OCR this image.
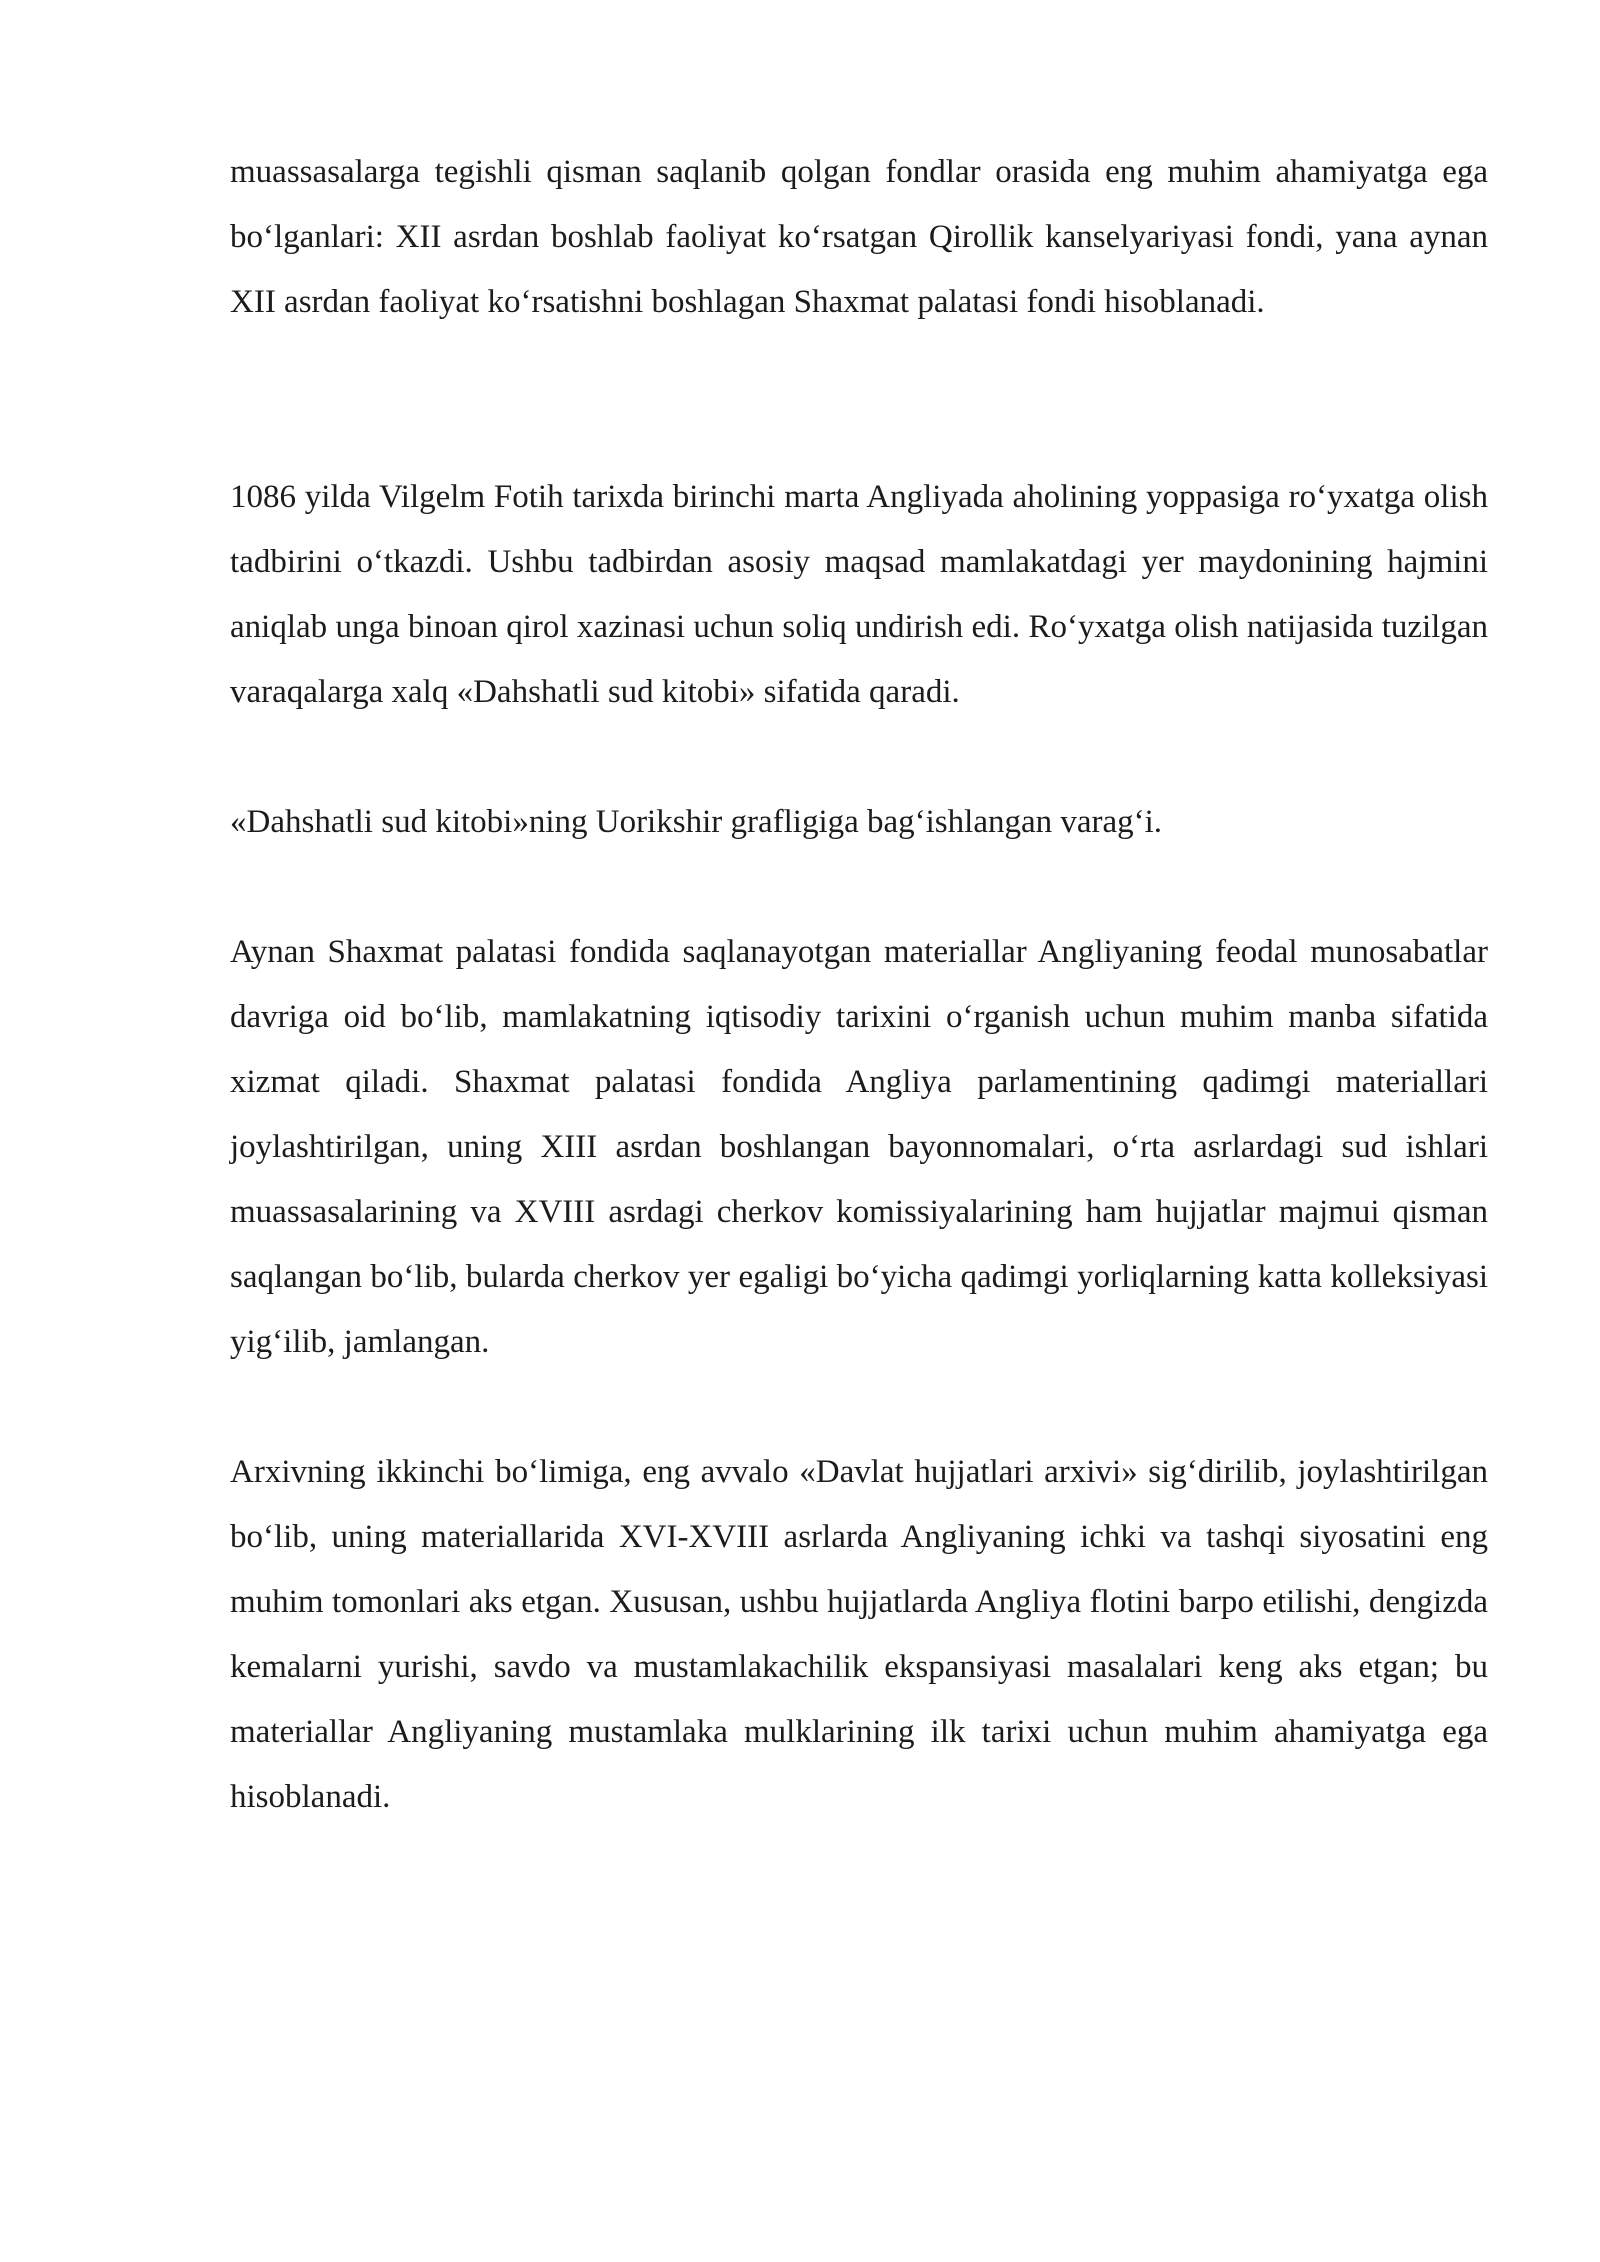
muassasalarga tegishli qisman saqlanib qolgan fondlar orasida eng muhim ahamiyatga ega bo‘lganlari: XII asrdan boshlab faoliyat ko‘rsatgan Qirollik kanselyariyasi fondi, yana aynan XII asrdan faoliyat ko‘rsatishni boshlagan Shaxmat palatasi fondi hisoblanadi.

1086 yilda Vilgelm Fotih tarixda birinchi marta Angliyada aholining yoppasiga ro‘yxatga olish tadbirini o‘tkazdi. Ushbu tadbirdan asosiy maqsad mamlakatdagi yer maydonining hajmini aniqlab unga binoan qirol xazinasi uchun soliq undirish edi. Ro‘yxatga olish natijasida tuzilgan varaqalarga xalq «Dahshatli sud kitobi» sifatida qaradi.

«Dahshatli sud kitobi»ning Uorikshir grafligiga bag‘ishlangan varag‘i.

Aynan Shaxmat palatasi fondida saqlanayotgan materiallar Angliyaning feodal munosabatlar davriga oid bo‘lib, mamlakatning iqtisodiy tarixini o‘rganish uchun muhim manba sifatida xizmat qiladi. Shaxmat palatasi fondida Angliya parlamentining qadimgi materiallari joylashtirilgan, uning XIII asrdan boshlangan bayonnomalari, o‘rta asrlardagi sud ishlari muassasalarining va XVIII asrdagi cherkov komissiyalarining ham hujjatlar majmui qisman saqlangan bo‘lib, bularda cherkov yer egaligi bo‘yicha qadimgi yorliqlarning katta kolleksiyasi yig‘ilib, jamlangan.

Arxivning ikkinchi bo‘limiga, eng avvalo «Davlat hujjatlari arxivi» sig‘dirilib, joylashtirilgan bo‘lib, uning materiallarida XVI-XVIII asrlarda Angliyaning ichki va tashqi siyosatini eng muhim tomonlari aks etgan. Xususan, ushbu hujjatlarda Angliya flotini barpo etilishi, dengizda kemalarni yurishi, savdo va mustamlakachilik ekspansiyasi masalalari keng aks etgan; bu materiallar Angliyaning mustamlaka mulklarining ilk tarixi uchun muhim ahamiyatga ega hisoblanadi.
